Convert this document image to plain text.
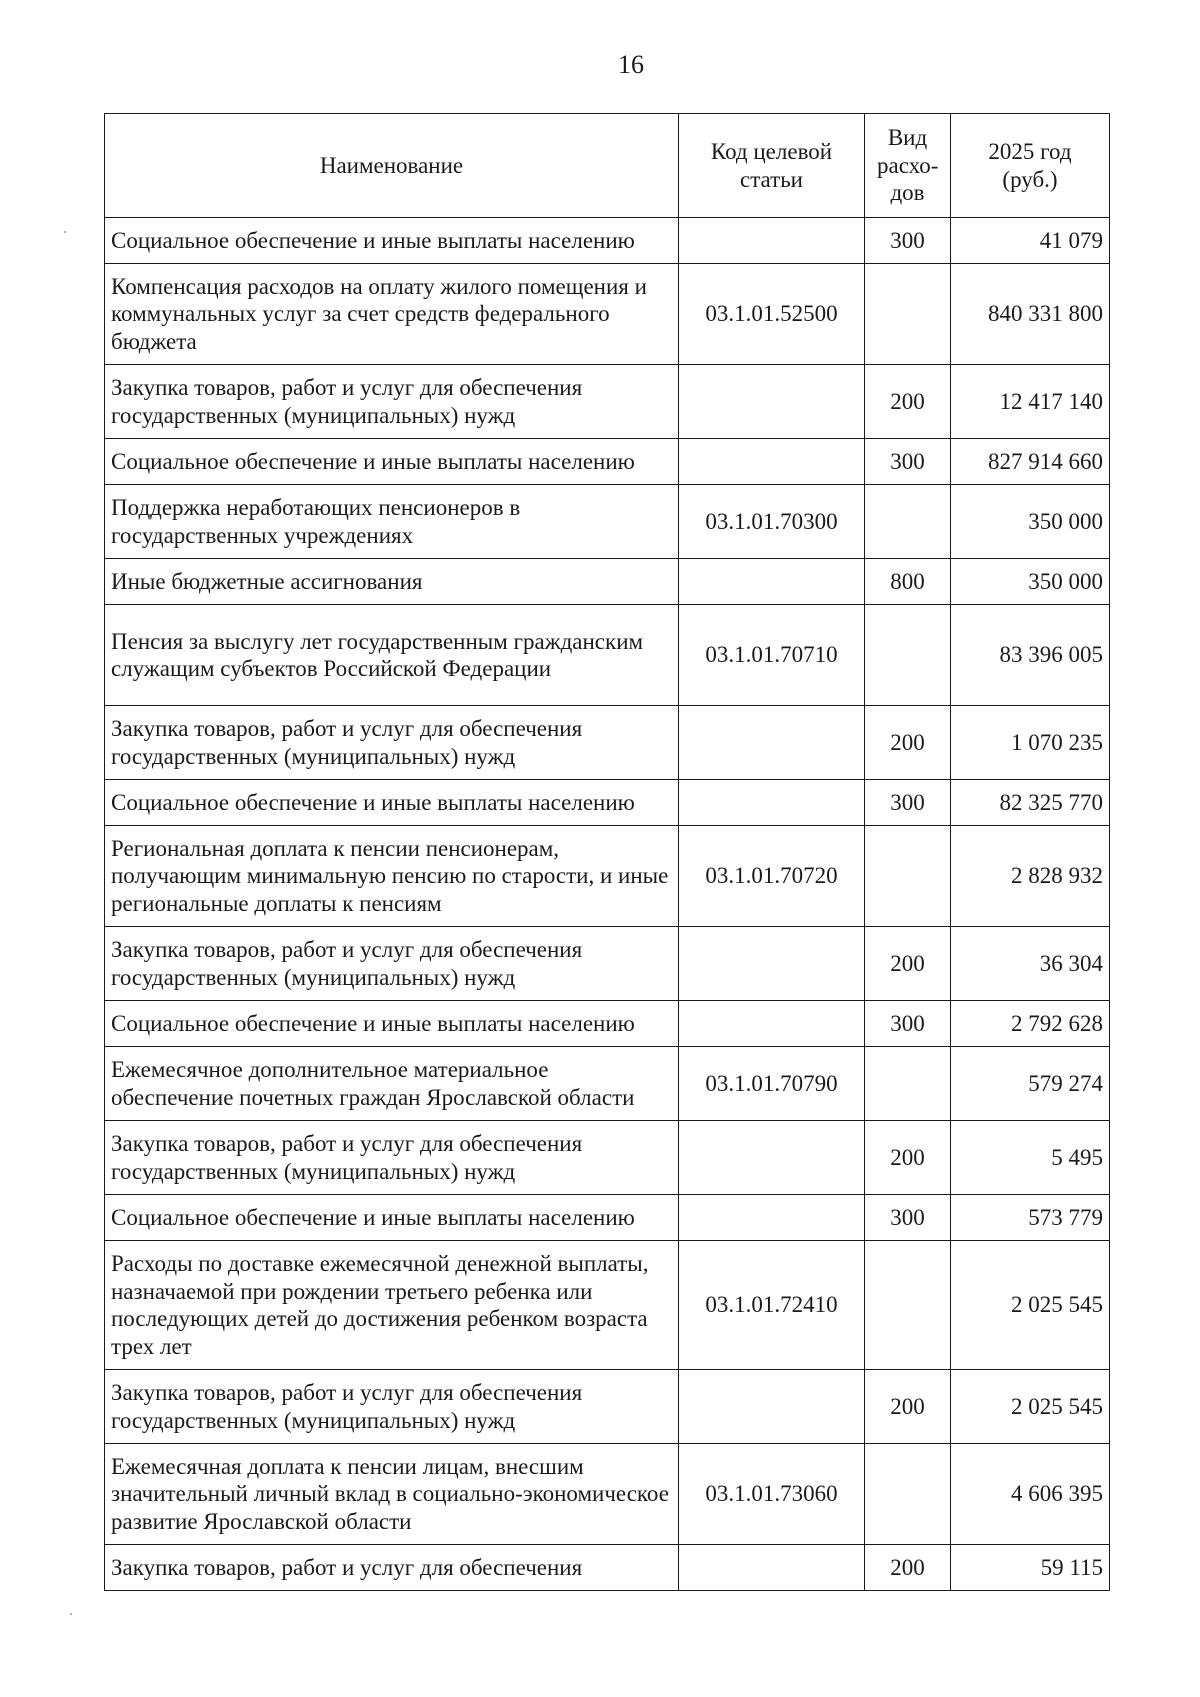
16
Наименование	Код целевой статьи	Вид расхо-дов	2025 год (руб.)
Социальное обеспечение и иные выплаты населению		300	41 079
Компенсация расходов на оплату жилого помещения и коммунальных услуг за счет средств федерального бюджета	03.1.01.52500		840 331 800
Закупка товаров, работ и услуг для обеспечения государственных (муниципальных) нужд		200	12 417 140
Социальное обеспечение и иные выплаты населению		300	827 914 660
Поддержка неработающих пенсионеров в государственных учреждениях	03.1.01.70300		350 000
Иные бюджетные ассигнования		800	350 000
Пенсия за выслугу лет государственным гражданским служащим субъектов Российской Федерации	03.1.01.70710		83 396 005
Закупка товаров, работ и услуг для обеспечения государственных (муниципальных) нужд		200	1 070 235
Социальное обеспечение и иные выплаты населению		300	82 325 770
Региональная доплата к пенсии пенсионерам, получающим минимальную пенсию по старости, и иные региональные доплаты к пенсиям	03.1.01.70720		2 828 932
Закупка товаров, работ и услуг для обеспечения государственных (муниципальных) нужд		200	36 304
Социальное обеспечение и иные выплаты населению		300	2 792 628
Ежемесячное дополнительное материальное обеспечение почетных граждан Ярославской области	03.1.01.70790		579 274
Закупка товаров, работ и услуг для обеспечения государственных (муниципальных) нужд		200	5 495
Социальное обеспечение и иные выплаты населению		300	573 779
Расходы по доставке ежемесячной денежной выплаты, назначаемой при рождении третьего ребенка или последующих детей до достижения ребенком возраста трех лет	03.1.01.72410		2 025 545
Закупка товаров, работ и услуг для обеспечения государственных (муниципальных) нужд		200	2 025 545
Ежемесячная доплата к пенсии лицам, внесшим значительный личный вклад в социально-экономическое развитие Ярославской области	03.1.01.73060		4 606 395
Закупка товаров, работ и услуг для обеспечения		200	59 115
